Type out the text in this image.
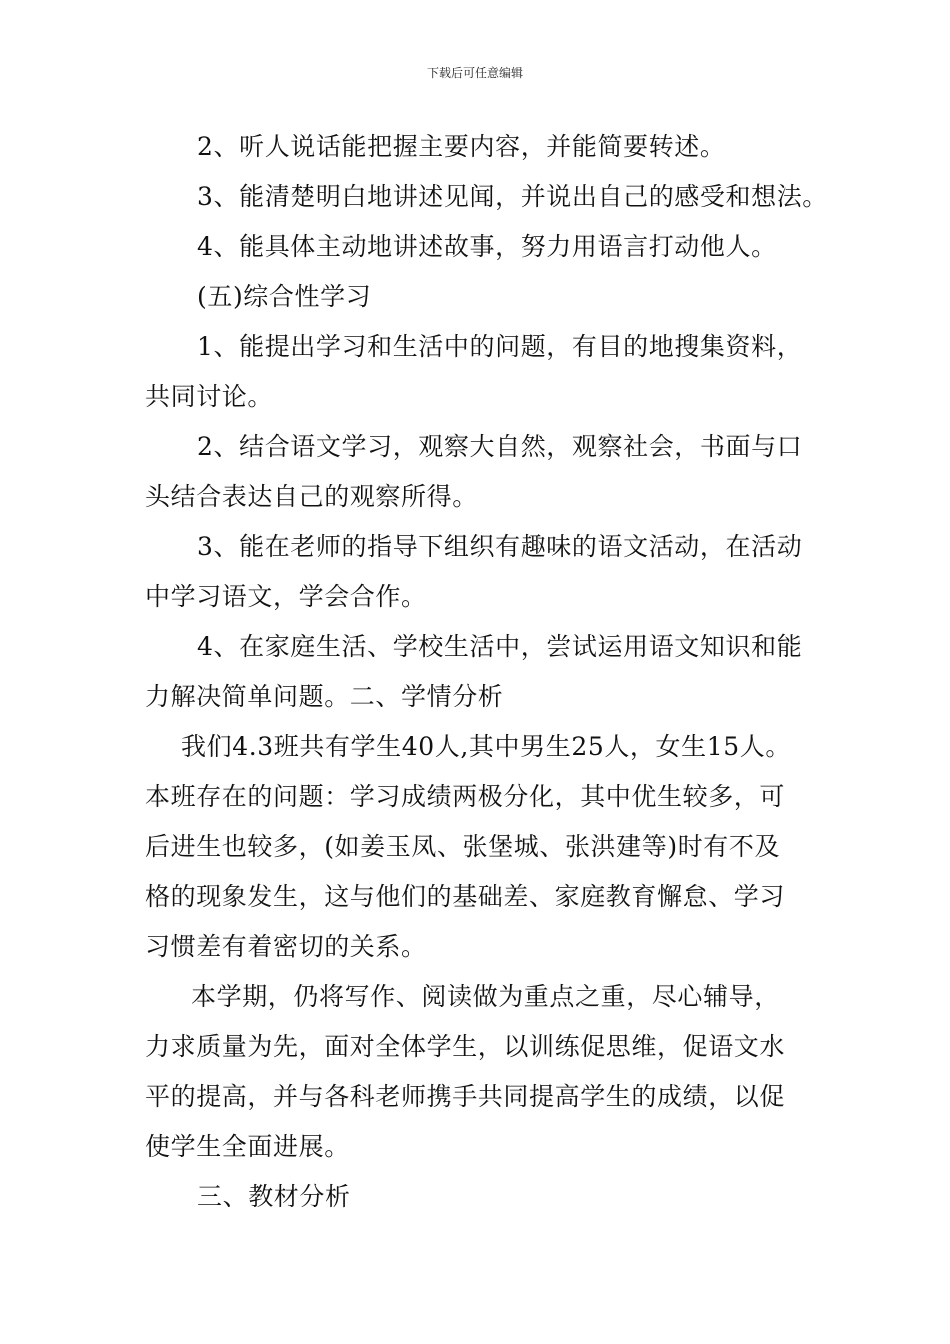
下载后可任意编辑
2、听人说话能把握主要内容，并能简要转述。
3、能清楚明白地讲述见闻，并说出自己的感受和想法。
4、能具体主动地讲述故事，努力用语言打动他人。
(五)综合性学习
1、能提出学习和生活中的问题，有目的地搜集资料，
共同讨论。
2、结合语文学习，观察大自然，观察社会，书面与口
头结合表达自己的观察所得。
3、能在老师的指导下组织有趣味的语文活动，在活动
中学习语文，学会合作。
4、在家庭生活、学校生活中，尝试运用语文知识和能
力解决简单问题。二、学情分析
我们4.3班共有学生40人,其中男生25人，女生15人。
本班存在的问题：学习成绩两极分化，其中优生较多，可
后进生也较多，(如姜玉凤、张堡城、张洪建等)时有不及
格的现象发生，这与他们的基础差、家庭教育懈怠、学习
习惯差有着密切的关系。
本学期，仍将写作、阅读做为重点之重，尽心辅导，
力求质量为先，面对全体学生，以训练促思维，促语文水
平的提高，并与各科老师携手共同提高学生的成绩，以促
使学生全面进展。
三、教材分析
